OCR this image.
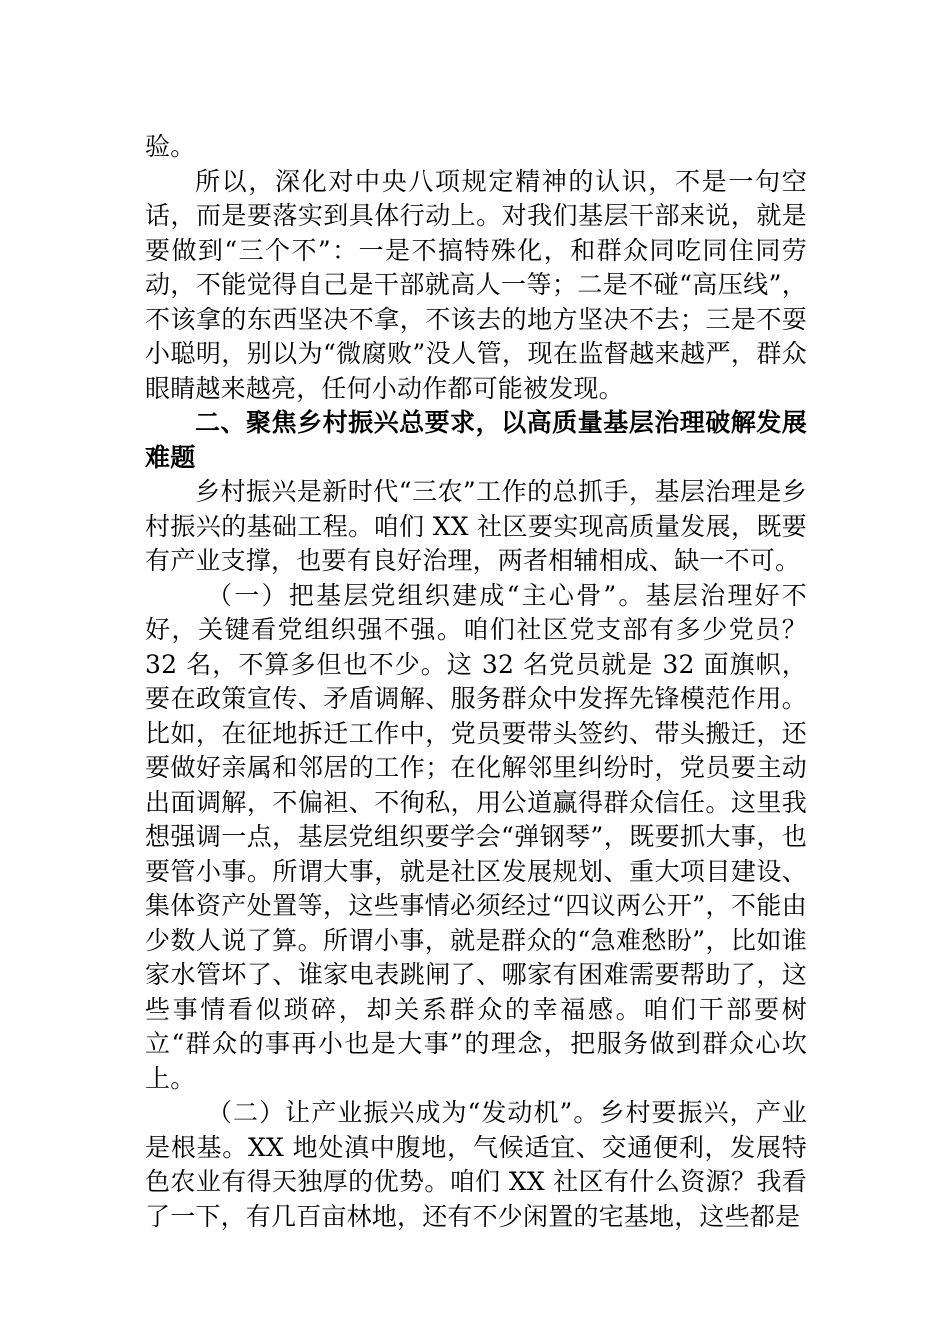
验。

所以，深化对中央八项规定精神的认识，不是一句空话，而是要落实到具体行动上。对我们基层干部来说，就是要做到“三个不”：一是不搞特殊化，和群众同吃同住同劳动，不能觉得自己是干部就高人一等；二是不碰“高压线”，不该拿的东西坚决不拿，不该去的地方坚决不去；三是不耍小聪明，别以为“微腐败”没人管，现在监督越来越严，群众眼睛越来越亮，任何小动作都可能被发现。

二、聚焦乡村振兴总要求，以高质量基层治理破解发展难题

乡村振兴是新时代“三农”工作的总抓手，基层治理是乡村振兴的基础工程。咱们 XX 社区要实现高质量发展，既要有产业支撑，也要有良好治理，两者相辅相成、缺一不可。

（一）把基层党组织建成“主心骨”。基层治理好不好，关键看党组织强不强。咱们社区党支部有多少党员？32 名，不算多但也不少。这 32 名党员就是 32 面旗帜，要在政策宣传、矛盾调解、服务群众中发挥先锋模范作用。比如，在征地拆迁工作中，党员要带头签约、带头搬迁，还要做好亲属和邻居的工作；在化解邻里纠纷时，党员要主动出面调解，不偏袒、不徇私，用公道赢得群众信任。这里我想强调一点，基层党组织要学会“弹钢琴”，既要抓大事，也要管小事。所谓大事，就是社区发展规划、重大项目建设、集体资产处置等，这些事情必须经过“四议两公开”，不能由少数人说了算。所谓小事，就是群众的“急难愁盼”，比如谁家水管坏了、谁家电表跳闸了、哪家有困难需要帮助了，这些事情看似琐碎，却关系群众的幸福感。咱们干部要树立“群众的事再小也是大事”的理念，把服务做到群众心坎上。

（二）让产业振兴成为“发动机”。乡村要振兴，产业是根基。XX 地处滇中腹地，气候适宜、交通便利，发展特色农业有得天独厚的优势。咱们 XX 社区有什么资源？我看了一下，有几百亩林地，还有不少闲置的宅基地，这些都是
